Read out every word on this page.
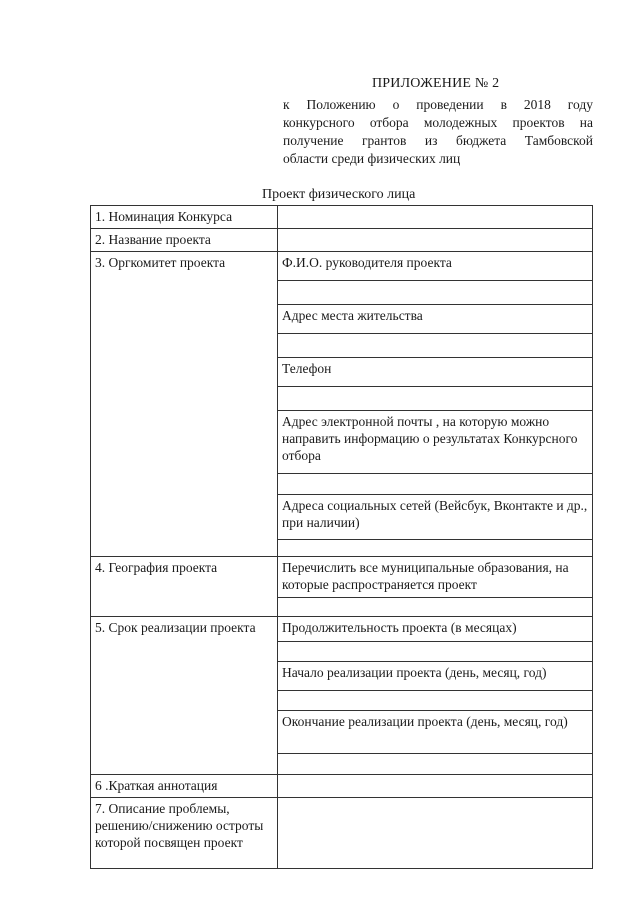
ПРИЛОЖЕНИЕ № 2
к Положению о проведении в 2018 году
конкурсного отбора молодежных проектов на
получение грантов из бюджета Тамбовской
области среди физических лиц
Проект физического лица
1. Номинация Конкурса	
2. Название проекта	
3. Оргкомитет проекта	Ф.И.О. руководителя проекта

	Адрес места жительства

	Телефон

	Адрес электронной почты , на которую можно направить информацию о результатах Конкурсного отбора

	Адреса социальных сетей (Вейсбук, Вконтакте и др., при наличии)

4. География проекта	Перечислить все муниципальные образования, на которые распространяется проект

5. Срок реализации проекта	Продолжительность проекта (в месяцах)

	Начало реализации проекта (день, месяц, год)

	Окончание реализации проекта (день, месяц, год)

6 .Краткая аннотация	
7. Описание проблемы, решению/снижению остроты которой посвящен проект	
